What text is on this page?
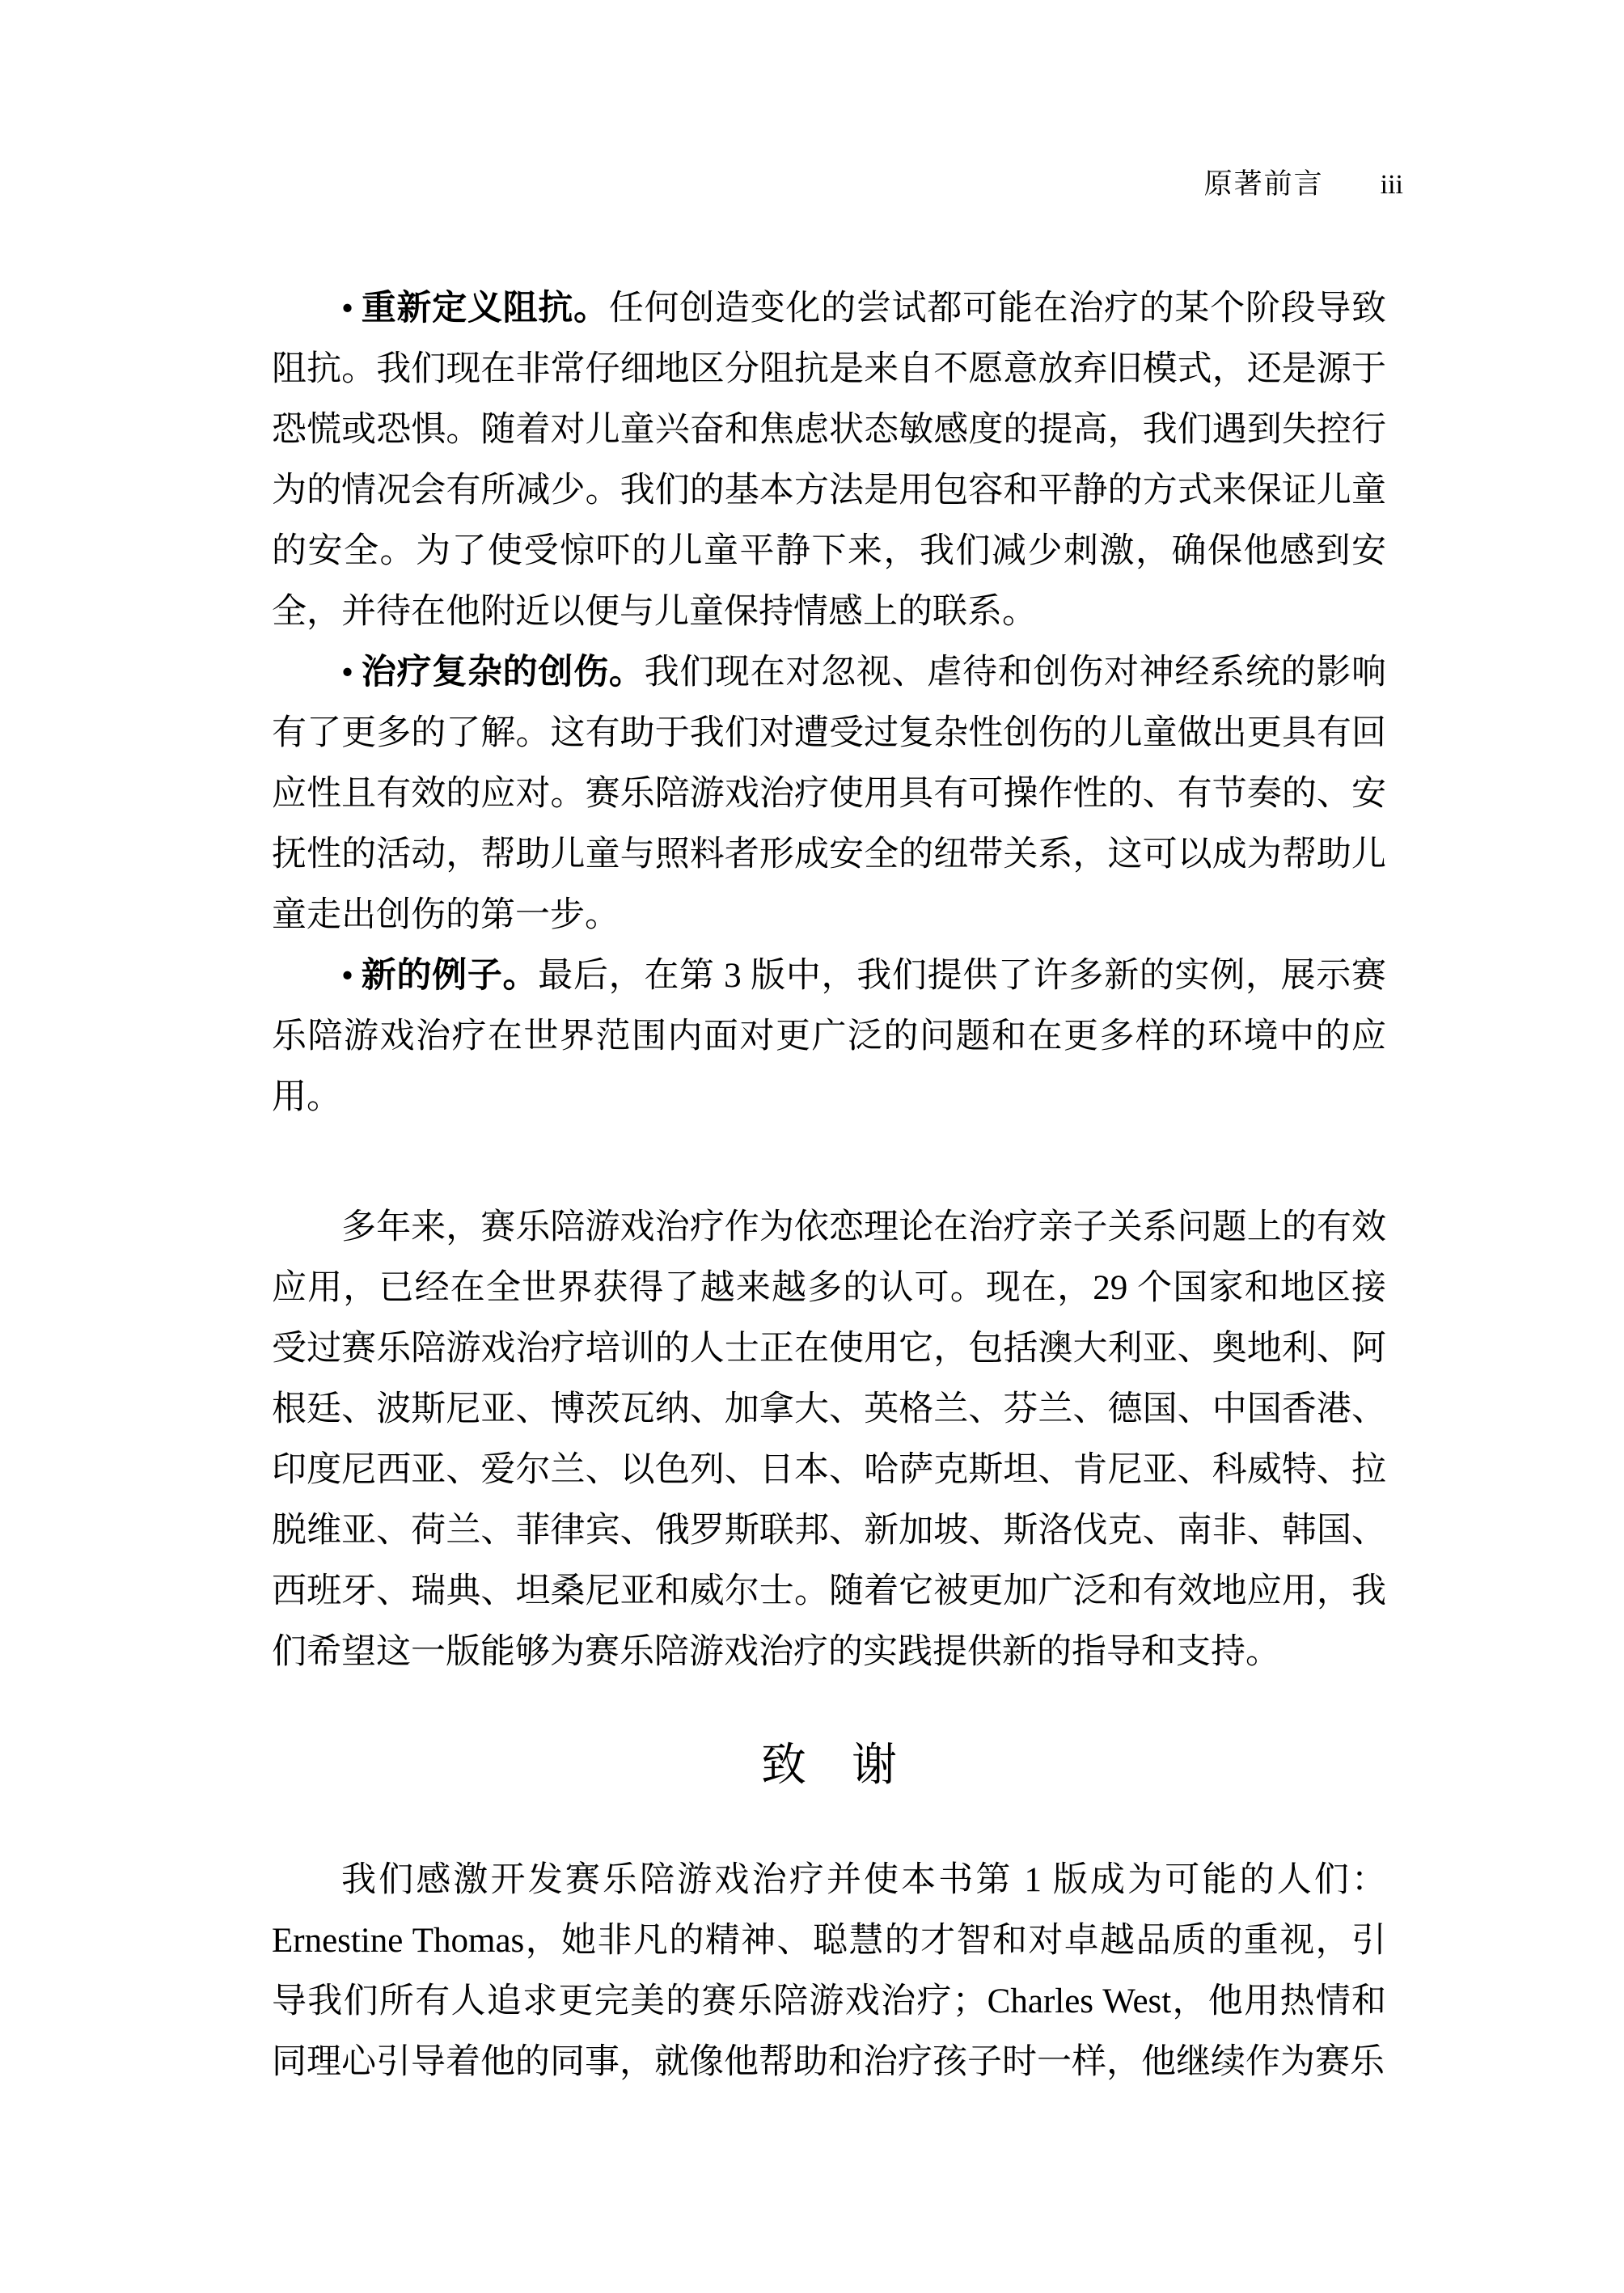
原著前言 iii

• 重新定义阻抗。任何创造变化的尝试都可能在治疗的某个阶段导致阻抗。我们现在非常仔细地区分阻抗是来自不愿意放弃旧模式，还是源于恐慌或恐惧。随着对儿童兴奋和焦虑状态敏感度的提高，我们遇到失控行为的情况会有所减少。我们的基本方法是用包容和平静的方式来保证儿童的安全。为了使受惊吓的儿童平静下来，我们减少刺激，确保他感到安全，并待在他附近以便与儿童保持情感上的联系。

• 治疗复杂的创伤。我们现在对忽视、虐待和创伤对神经系统的影响有了更多的了解。这有助于我们对遭受过复杂性创伤的儿童做出更具有回应性且有效的应对。赛乐陪游戏治疗使用具有可操作性的、有节奏的、安抚性的活动，帮助儿童与照料者形成安全的纽带关系，这可以成为帮助儿童走出创伤的第一步。

• 新的例子。最后，在第 3 版中，我们提供了许多新的实例，展示赛乐陪游戏治疗在世界范围内面对更广泛的问题和在更多样的环境中的应用。

多年来，赛乐陪游戏治疗作为依恋理论在治疗亲子关系问题上的有效应用，已经在全世界获得了越来越多的认可。现在，29 个国家和地区接受过赛乐陪游戏治疗培训的人士正在使用它，包括澳大利亚、奥地利、阿根廷、波斯尼亚、博茨瓦纳、加拿大、英格兰、芬兰、德国、中国香港、印度尼西亚、爱尔兰、以色列、日本、哈萨克斯坦、肯尼亚、科威特、拉脱维亚、荷兰、菲律宾、俄罗斯联邦、新加坡、斯洛伐克、南非、韩国、西班牙、瑞典、坦桑尼亚和威尔士。随着它被更加广泛和有效地应用，我们希望这一版能够为赛乐陪游戏治疗的实践提供新的指导和支持。

致　谢

我们感激开发赛乐陪游戏治疗并使本书第 1 版成为可能的人们：Ernestine Thomas，她非凡的精神、聪慧的才智和对卓越品质的重视，引导我们所有人追求更完美的赛乐陪游戏治疗；Charles West，他用热情和同理心引导着他的同事，就像他帮助和治疗孩子时一样，他继续作为赛乐
